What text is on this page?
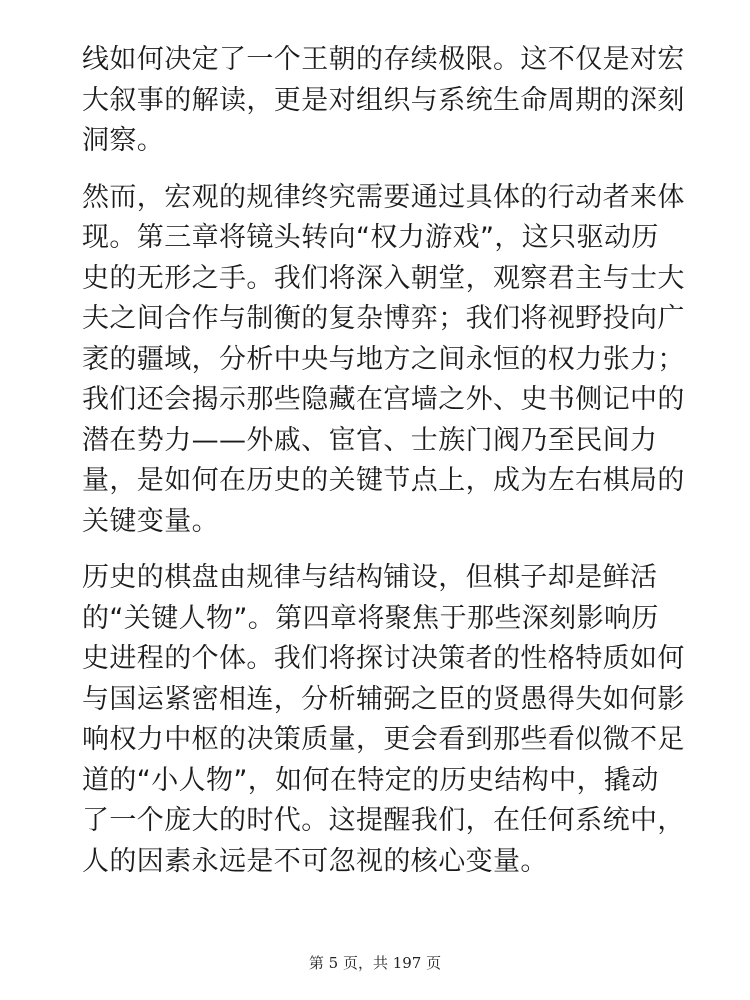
线如何决定了一个王朝的存续极限。这不仅是对宏
大叙事的解读，更是对组织与系统生命周期的深刻
洞察。

然而，宏观的规律终究需要通过具体的行动者来体
现。第三章将镜头转向“权力游戏”，这只驱动历
史的无形之手。我们将深入朝堂，观察君主与士大
夫之间合作与制衡的复杂博弈；我们将视野投向广
袤的疆域，分析中央与地方之间永恒的权力张力；
我们还会揭示那些隐藏在宫墙之外、史书侧记中的
潜在势力——外戚、宦官、士族门阀乃至民间力
量，是如何在历史的关键节点上，成为左右棋局的
关键变量。

历史的棋盘由规律与结构铺设，但棋子却是鲜活
的“关键人物”。第四章将聚焦于那些深刻影响历
史进程的个体。我们将探讨决策者的性格特质如何
与国运紧密相连，分析辅弼之臣的贤愚得失如何影
响权力中枢的决策质量，更会看到那些看似微不足
道的“小人物”，如何在特定的历史结构中，撬动
了一个庞大的时代。这提醒我们，在任何系统中，
人的因素永远是不可忽视的核心变量。

第 5 页，共 197 页
